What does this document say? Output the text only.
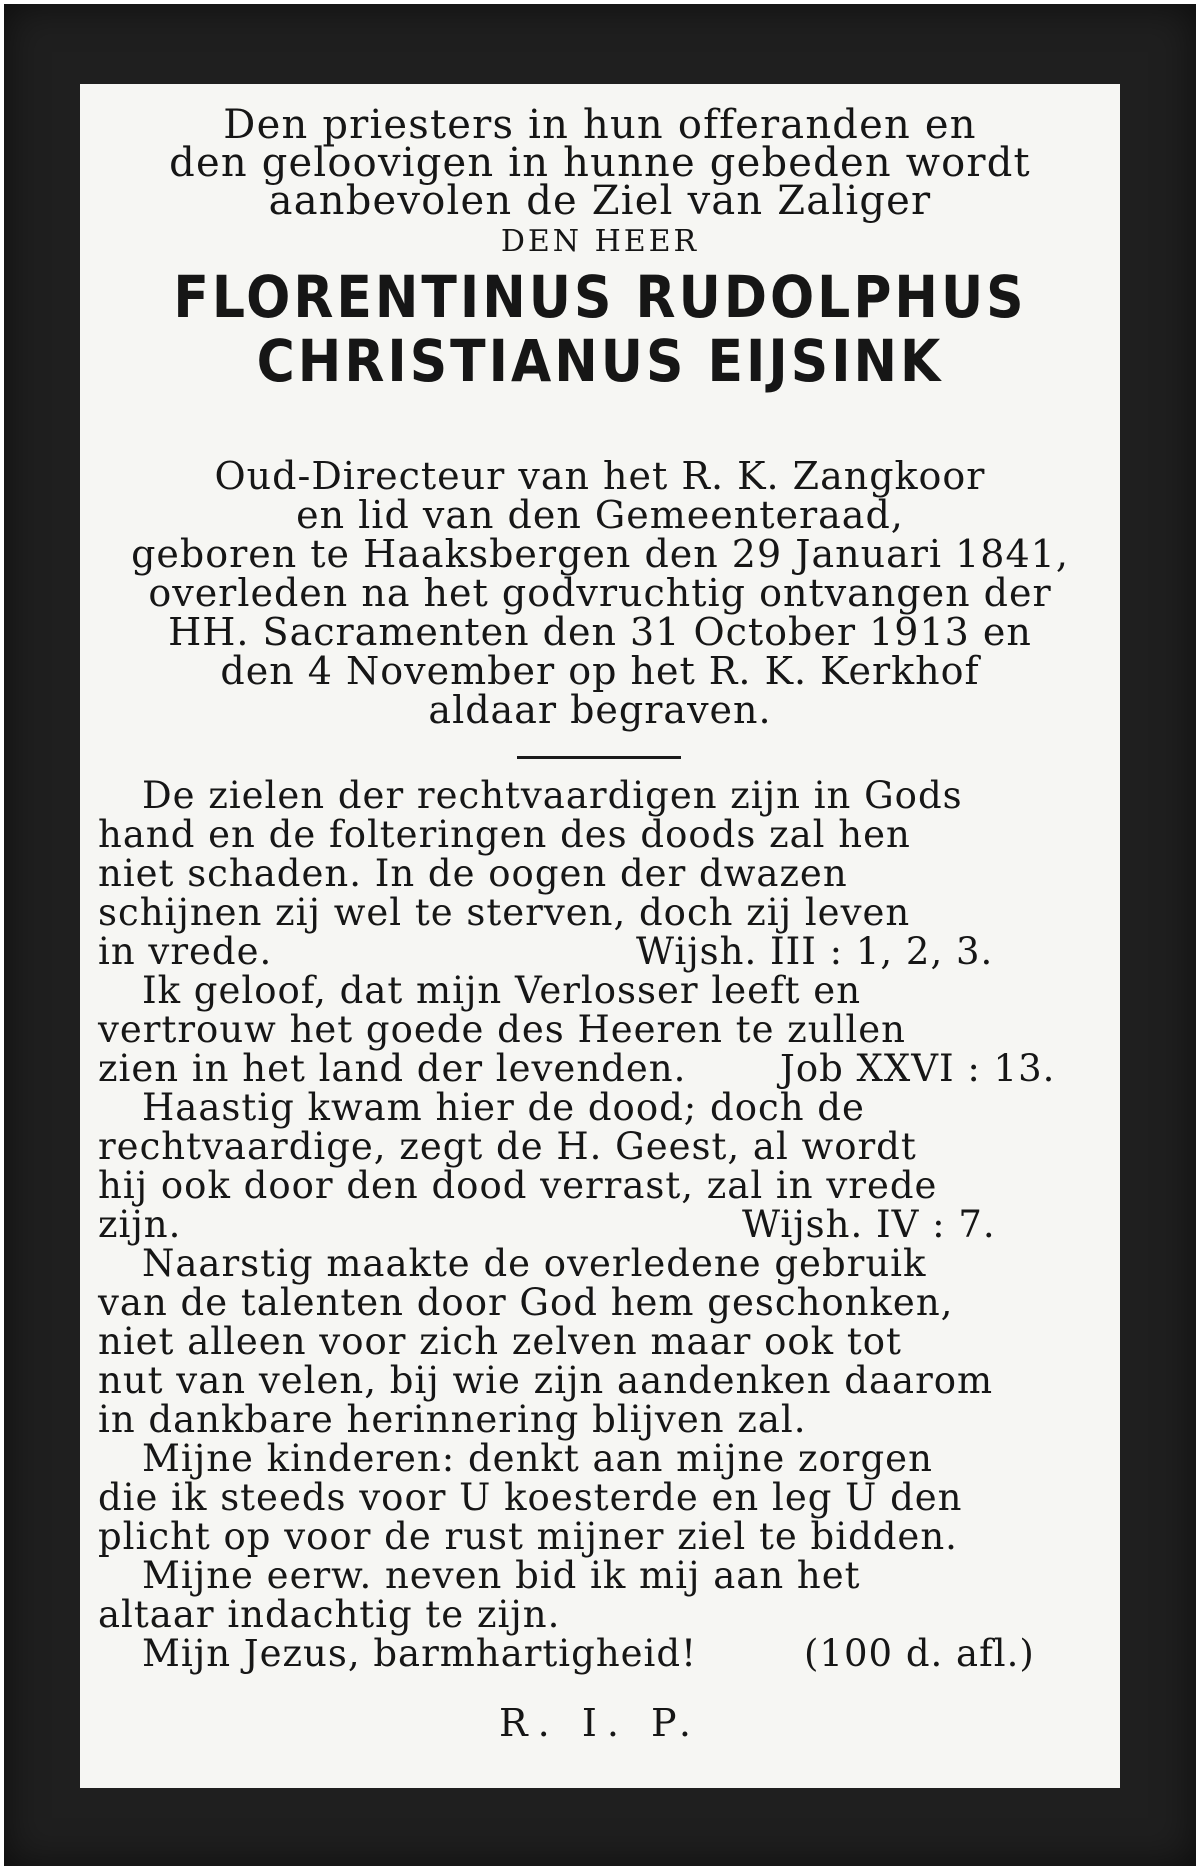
Den priesters in hun offeranden en
den geloovigen in hunne gebeden wordt
aanbevolen de Ziel van Zaliger
DEN HEER
FLORENTINUS RUDOLPHUS
CHRISTIANUS EIJSINK
Oud-Directeur van het R. K. Zangkoor
en lid van den Gemeenteraad,
geboren te Haaksbergen den 29 Januari 1841,
overleden na het godvruchtig ontvangen der
HH. Sacramenten den 31 October 1913 en
den 4 November op het R. K. Kerkhof
aldaar begraven.
De zielen der rechtvaardigen zijn in Gods
hand en de folteringen des doods zal hen
niet schaden. In de oogen der dwazen
schijnen zij wel te sterven, doch zij leven
in vrede.	Wijsh. III : 1, 2, 3.
Ik geloof, dat mijn Verlosser leeft en
vertrouw het goede des Heeren te zullen
zien in het land der levenden.	Job XXVI : 13.
Haastig kwam hier de dood; doch de
rechtvaardige, zegt de H. Geest, al wordt
hij ook door den dood verrast, zal in vrede
zijn.	Wijsh. IV : 7.
Naarstig maakte de overledene gebruik
van de talenten door God hem geschonken,
niet alleen voor zich zelven maar ook tot
nut van velen, bij wie zijn aandenken daarom
in dankbare herinnering blijven zal.
Mijne kinderen: denkt aan mijne zorgen
die ik steeds voor U koesterde en leg U den
plicht op voor de rust mijner ziel te bidden.
Mijne eerw. neven bid ik mij aan het
altaar indachtig te zijn.
Mijn Jezus, barmhartigheid!	(100 d. afl.)
R. I. P.
